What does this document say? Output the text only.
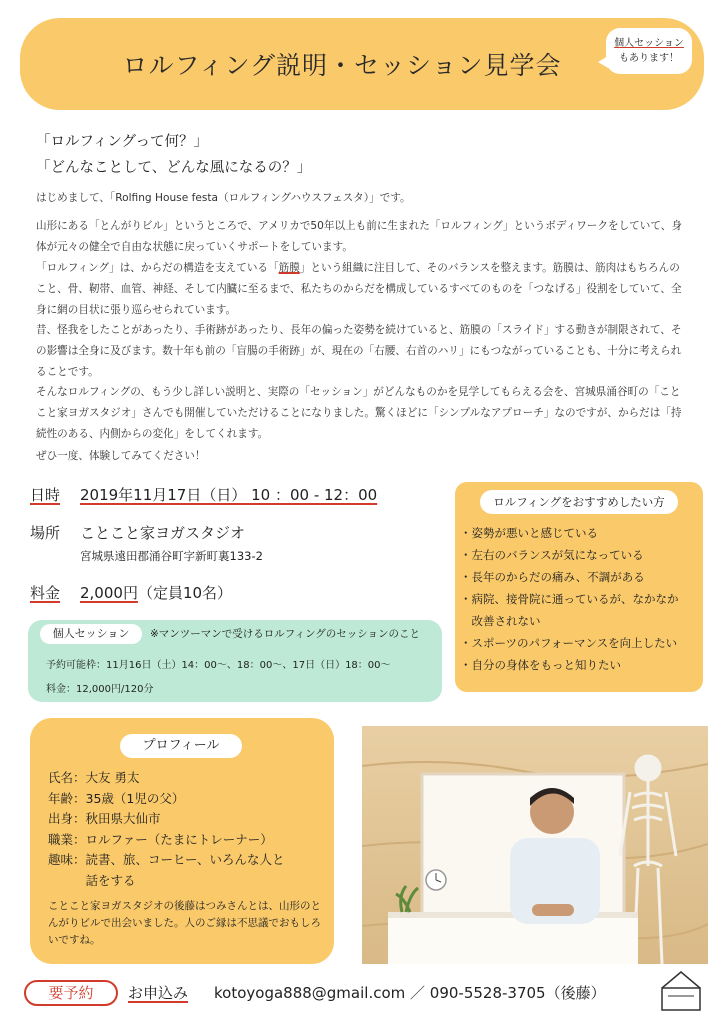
ロルフィング説明・セッション見学会
個人セッション
もあります！
「ロルフィングって何？」
「どんなことして、どんな風になるの？」
はじめまして、「Rolfing House festa（ロルフィングハウスフェスタ）」です。
山形にある「とんがりビル」というところで、アメリカで50年以上も前に生まれた「ロルフィング」というボディワークをしていて、身体が元々の健全で自由な状態に戻っていくサポートをしています。
「ロルフィング」は、からだの構造を支えている「筋膜」という組織に注目して、そのバランスを整えます。筋膜は、筋肉はもちろんのこと、骨、靭帯、血管、神経、そして内臓に至るまで、私たちのからだを構成しているすべてのものを「つなげる」役割をしていて、全身に網の目状に張り巡らせられています。
昔、怪我をしたことがあったり、手術跡があったり、長年の偏った姿勢を続けていると、筋膜の「スライド」する動きが制限されて、その影響は全身に及びます。数十年も前の「盲腸の手術跡」が、現在の「右腰、右首のハリ」にもつながっていることも、十分に考えられることです。
そんなロルフィングの、もう少し詳しい説明と、実際の「セッション」がどんなものかを見学してもらえる会を、宮城県涌谷町の「ことこと家ヨガスタジオ」さんでも開催していただけることになりました。驚くほどに「シンプルなアプローチ」なのですが、からだは「持続性のある、内側からの変化」をしてくれます。
ぜひ一度、体験してみてください！
日時 2019年11月17日（日） 10 ：00 - 12：00
場所 ことこと家ヨガスタジオ
宮城県遠田郡涌谷町字新町裏133-2
料金 2,000円（定員10名）
ロルフィングをおすすめしたい方
・姿勢が悪いと感じている
・左右のバランスが気になっている
・長年のからだの痛み、不調がある
・病院、接骨院に通っているが、なかなか
　改善されない
・スポーツのパフォーマンスを向上したい
・自分の身体をもっと知りたい
個人セッション	※マンツーマンで受けるロルフィングのセッションのこと
予約可能枠：11月16日（土）14：00〜、18：00〜、17日（日）18：00〜
料金：12,000円/120分
プロフィール
氏名：大友 勇太
年齢：35歳（1児の父）
出身：秋田県大仙市
職業：ロルファー（たまにトレーナー）
趣味：読書、旅、コーヒー、いろんな人と
　　　話をする
ことこと家ヨガスタジオの後藤はつみさんとは、山形のとんがりビルで出会いました。人のご縁は不思議でおもしろいですね。
要予約	お申込み kotoyoga888@gmail.com ／ 090-5528-3705（後藤）
